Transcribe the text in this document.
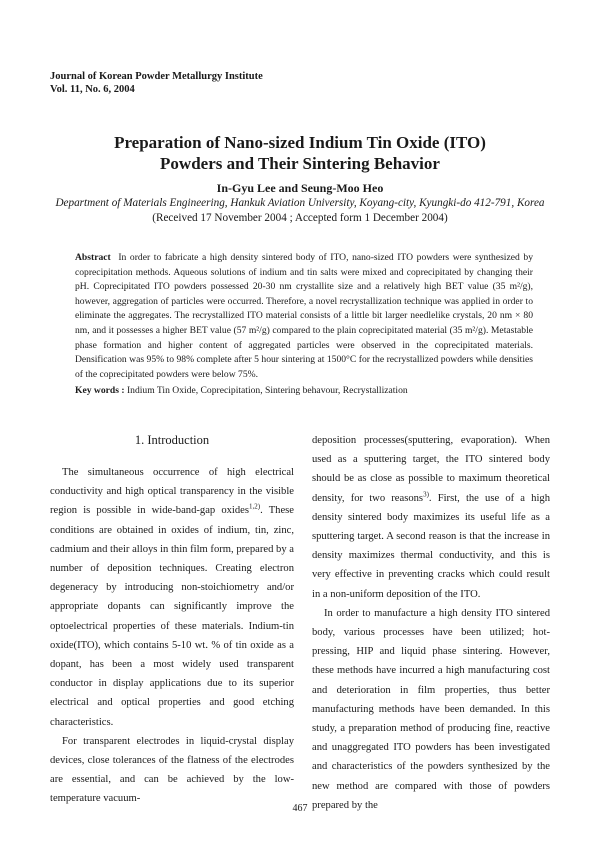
Journal of Korean Powder Metallurgy Institute
Vol. 11, No. 6, 2004
Preparation of Nano-sized Indium Tin Oxide (ITO)
Powders and Their Sintering Behavior
In-Gyu Lee and Seung-Moo Heo
Department of Materials Engineering, Hankuk Aviation University, Koyang-city, Kyungki-do 412-791, Korea
(Received 17 November 2004 ; Accepted form 1 December 2004)
Abstract In order to fabricate a high density sintered body of ITO, nano-sized ITO powders were synthesized by coprecipitation methods. Aqueous solutions of indium and tin salts were mixed and coprecipitated by changing their pH. Coprecipitated ITO powders possessed 20-30 nm crystallite size and a relatively high BET value (35 m²/g), however, aggregation of particles were occurred. Therefore, a novel recrystallization technique was applied in order to eliminate the aggregates. The recrystallized ITO material consists of a little bit larger needlelike crystals, 20 nm × 80 nm, and it possesses a higher BET value (57 m²/g) compared to the plain coprecipitated material (35 m²/g). Metastable phase formation and higher content of aggregated particles were observed in the coprecipitated materials. Densification was 95% to 98% complete after 5 hour sintering at 1500°C for the recrystallized powders while densities of the coprecipitated powders were below 75%.
Key words : Indium Tin Oxide, Coprecipitation, Sintering behavour, Recrystallization
1. Introduction

The simultaneous occurrence of high electrical conductivity and high optical transparency in the visible region is possible in wide-band-gap oxides$^{1,2)}$. These conditions are obtained in oxides of indium, tin, zinc, cadmium and their alloys in thin film form, prepared by a number of deposition techniques. Creating electron degeneracy by introducing non-stoichiometry and/or appropriate dopants can significantly improve the optoelectrical properties of these materials. Indium-tin oxide(ITO), which contains 5-10 wt. % of tin oxide as a dopant, has been a most widely used transparent conductor in display applications due to its superior electrical and optical properties and good etching characteristics.

For transparent electrodes in liquid-crystal display devices, close tolerances of the flatness of the electrodes are essential, and can be achieved by the low-temperature vacuum-

deposition processes(sputtering, evaporation). When used as a sputtering target, the ITO sintered body should be as close as possible to maximum theoretical density, for two reasons$^{3)}$. First, the use of a high density sintered body maximizes its useful life as a sputtering target. A second reason is that the increase in density maximizes thermal conductivity, and this is very effective in preventing cracks which could result in a non-uniform deposition of the ITO.

In order to manufacture a high density ITO sintered body, various processes have been utilized; hot-pressing, HIP and liquid phase sintering. However, these methods have incurred a high manufacturing cost and deterioration in film properties, thus better manufacturing methods have been demanded. In this study, a preparation method of producing fine, reactive and unaggregated ITO powders has been investigated and characteristics of the powders synthesized by the new method are compared with those of powders prepared by the

467
